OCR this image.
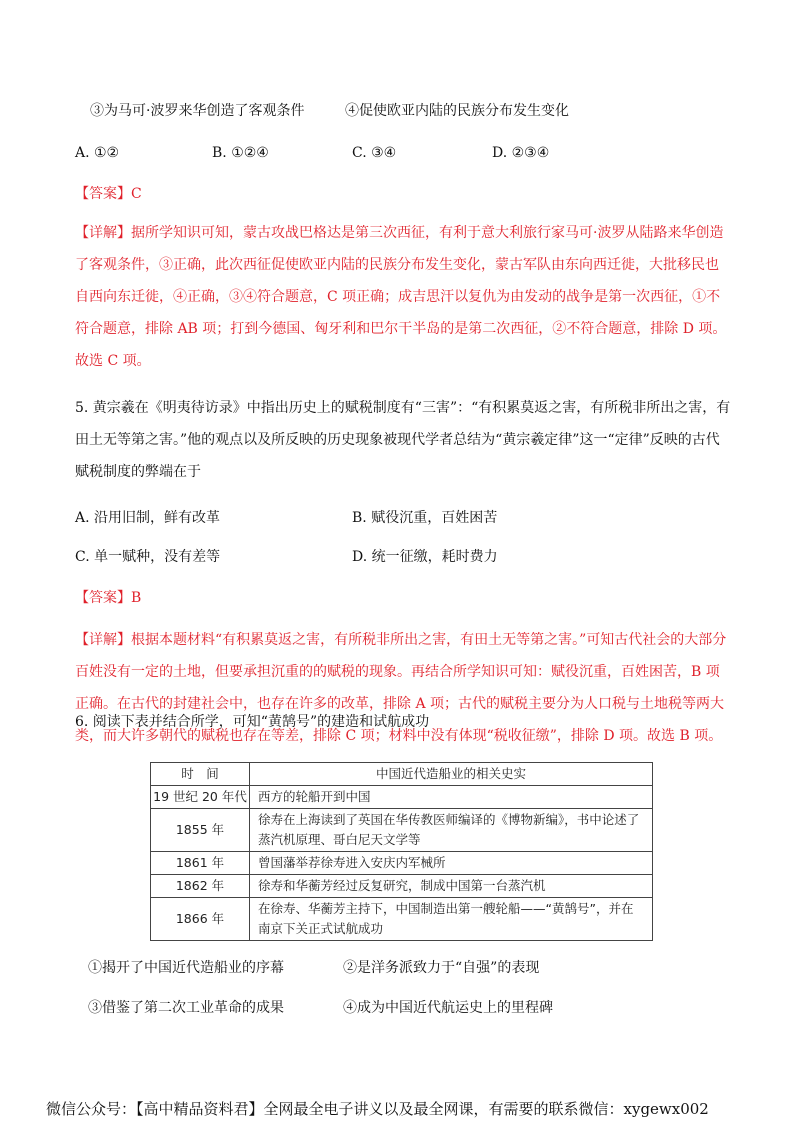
③为马可·波罗来华创造了客观条件	④促使欧亚内陆的民族分布发生变化
A. ①②	B. ①②④	C. ③④	D. ②③④
【答案】C
【详解】据所学知识可知，蒙古攻战巴格达是第三次西征，有利于意大利旅行家马可·波罗从陆路来华创造
了客观条件，③正确，此次西征促使欧亚内陆的民族分布发生变化，蒙古军队由东向西迁徙，大批移民也
自西向东迁徙，④正确，③④符合题意，C 项正确；成吉思汗以复仇为由发动的战争是第一次西征，①不
符合题意，排除 AB 项；打到今德国、匈牙利和巴尔干半岛的是第二次西征，②不符合题意，排除 D 项。
故选 C 项。
5. 黄宗羲在《明夷待访录》中指出历史上的赋税制度有“三害”：“有积累莫返之害，有所税非所出之害，有
田土无等第之害。”他的观点以及所反映的历史现象被现代学者总结为“黄宗羲定律”这一“定律”反映的古代
赋税制度的弊端在于
A. 沿用旧制，鲜有改革	B. 赋役沉重，百姓困苦
C. 单一赋种，没有差等	D. 统一征缴，耗时费力
【答案】B
【详解】根据本题材料“有积累莫返之害，有所税非所出之害，有田土无等第之害。”可知古代社会的大部分
百姓没有一定的土地，但要承担沉重的的赋税的现象。再结合所学知识可知：赋役沉重，百姓困苦，B 项
正确。在古代的封建社会中，也存在许多的改革，排除 A 项；古代的赋税主要分为人口税与土地税等两大
类，而大许多朝代的赋税也存在等差，排除 C 项；材料中没有体现“税收征缴”，排除 D 项。故选 B 项。
6. 阅读下表并结合所学，可知“黄鹄号”的建造和试航成功
时　间	中国近代造船业的相关史实
19 世纪 20 年代	西方的轮船开到中国
1855 年	徐寿在上海读到了英国在华传教医师编译的《博物新编》，书中论述了蒸汽机原理、哥白尼天文学等
1861 年	曾国藩举荐徐寿进入安庆内军械所
1862 年	徐寿和华蘅芳经过反复研究，制成中国第一台蒸汽机
1866 年	在徐寿、华蘅芳主持下，中国制造出第一艘轮船——“黄鹄号”，并在南京下关正式试航成功
①揭开了中国近代造船业的序幕	②是洋务派致力于“自强”的表现
③借鉴了第二次工业革命的成果	④成为中国近代航运史上的里程碑
微信公众号：【高中精品资料君】全网最全电子讲义以及最全网课，有需要的联系微信：xygewx002
